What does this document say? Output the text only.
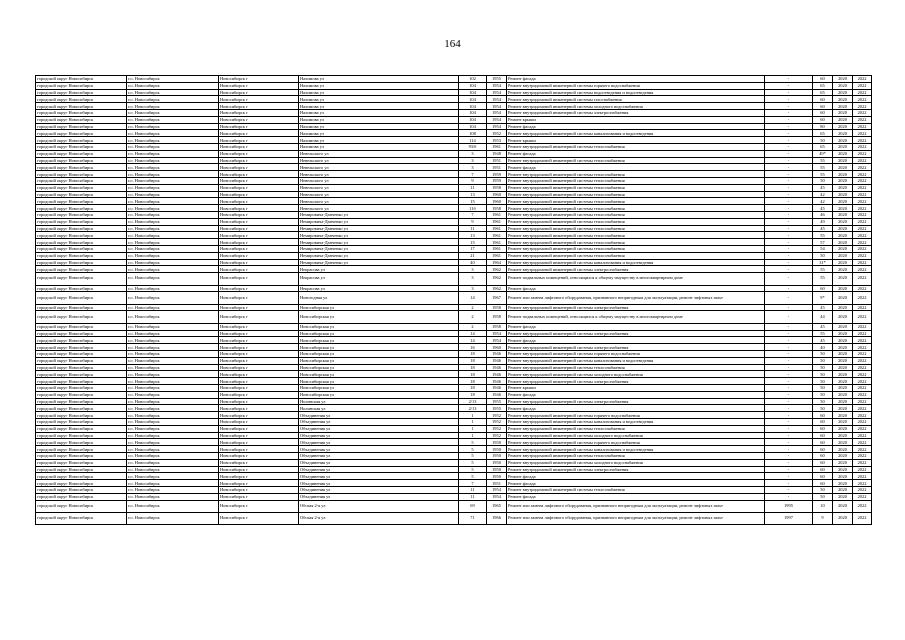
164
городской округ Новосибирск	г.о. Новосибирск	Новосибирск г	Нахимова ул	102	1955	Ремонт фасада	-	60	2020	2022
городской округ Новосибирск	г.о. Новосибирск	Новосибирск г	Нахимова ул	104	1954	Ремонт внутридомовой инженерной системы горячего водоснабжения	-	65	2020	2022
городской округ Новосибирск	г.о. Новосибирск	Новосибирск г	Нахимова ул	104	1954	Ремонт внутридомовой инженерной системы водоотведения и водоотведения	-	65	2020	2022
городской округ Новосибирск	г.о. Новосибирск	Новосибирск г	Нахимова ул	104	1954	Ремонт внутридомовой инженерной системы газоснабжения	-	60	2020	2022
городской округ Новосибирск	г.о. Новосибирск	Новосибирск г	Нахимова ул	104	1954	Ремонт внутридомовой инженерной системы холодного водоснабжения	-	60	2020	2022
городской округ Новосибирск	г.о. Новосибирск	Новосибирск г	Нахимова ул	104	1954	Ремонт внутридомовой инженерной системы электроснабжения	-	60	2020	2022
городской округ Новосибирск	г.о. Новосибирск	Новосибирск г	Нахимова ул	104	1954	Ремонт крыши	-	60	2020	2022
городской округ Новосибирск	г.о. Новосибирск	Новосибирск г	Нахимова ул	104	1954	Ремонт фасада	-	80	2020	2022
городской округ Новосибирск	г.о. Новосибирск	Новосибирск г	Нахимова ул	108	1952	Ремонт внутридомовой инженерной системы канализования и водоотведения	-	65	2020	2022
городской округ Новосибирск	г.о. Новосибирск	Новосибирск г	Нахимова ул	114	1953	Ремонт крыши	-	50	2020	2022
городской округ Новосибирск	г.о. Новосибирск	Новосибирск г	Нахимова ул	93/б	1961	Ремонт внутридомовой инженерной системы теплоснабжения	-	65	2020	2022
городской округ Новосибирск	г.о. Новосибирск	Новосибирск г	Невельского ул	3	1948	Ремонт фасада	-	49*	2020	2022
городской округ Новосибирск	г.о. Новосибирск	Новосибирск г	Невельского ул	3	1951	Ремонт внутридомовой инженерной системы теплоснабжения	-	55	2020	2022
городской округ Новосибирск	г.о. Новосибирск	Новосибирск г	Невельского ул	3	1951	Ремонт фасада	-	55	2020	2022
городской округ Новосибирск	г.о. Новосибирск	Новосибирск г	Невельского ул	7	1959	Ремонт внутридомовой инженерной системы теплоснабжения	-	55	2020	2022
городской округ Новосибирск	г.о. Новосибирск	Новосибирск г	Невельского ул	9	1959	Ремонт внутридомовой инженерной системы теплоснабжения	-	50	2020	2022
городской округ Новосибирск	г.о. Новосибирск	Новосибирск г	Невельского ул	11	1958	Ремонт внутридомовой инженерной системы теплоснабжения	-	45	2020	2022
городской округ Новосибирск	г.о. Новосибирск	Новосибирск г	Невельского ул	13	1960	Ремонт внутридомовой инженерной системы теплоснабжения	-	42	2020	2022
городской округ Новосибирск	г.о. Новосибирск	Новосибирск г	Невельского ул	15	1960	Ремонт внутридомовой инженерной системы теплоснабжения	-	42	2020	2022
городской округ Новосибирск	г.о. Новосибирск	Новосибирск г	Невельского ул	11б	1958	Ремонт внутридомовой инженерной системы теплоснабжения	-	45	2020	2022
городской округ Новосибирск	г.о. Новосибирск	Новосибирск г	Немировича-Данченко ул	7	1961	Ремонт внутридомовой инженерной системы теплоснабжения	-	46	2020	2022
городской округ Новосибирск	г.о. Новосибирск	Новосибирск г	Немировича-Данченко ул	9	1961	Ремонт внутридомовой инженерной системы теплоснабжения	-	49	2020	2022
городской округ Новосибирск	г.о. Новосибирск	Новосибирск г	Немировича-Данченко ул	11	1961	Ремонт внутридомовой инженерной системы теплоснабжения	-	45	2020	2022
городской округ Новосибирск	г.о. Новосибирск	Новосибирск г	Немировича-Данченко ул	13	1961	Ремонт внутридомовой инженерной системы теплоснабжения	-	55	2020	2022
городской округ Новосибирск	г.о. Новосибирск	Новосибирск г	Немировича-Данченко ул	15	1961	Ремонт внутридомовой инженерной системы теплоснабжения	-	57	2020	2022
городской округ Новосибирск	г.о. Новосибирск	Новосибирск г	Немировича-Данченко ул	17	1961	Ремонт внутридомовой инженерной системы теплоснабжения	-	54	2020	2022
городской округ Новосибирск	г.о. Новосибирск	Новосибирск г	Немировича-Данченко ул	21	1961	Ремонт внутридомовой инженерной системы теплоснабжения	-	50	2020	2022
городской округ Новосибирск	г.о. Новосибирск	Новосибирск г	Немировича-Данченко ул	40	1964	Ремонт внутридомовой инженерной системы канализования и водоотведения	-	31*	2020	2022
городской округ Новосибирск	г.о. Новосибирск	Новосибирск г	Некрасова ул	3	1962	Ремонт внутридомовой инженерной системы электроснабжения	-	55	2020	2022
городской округ Новосибирск	г.о. Новосибирск	Новосибирск г	Некрасова ул	3	1962	Ремонт подвальных помещений, относящихся к общему имуществу в многоквартирном доме	-	55	2020	2022
городской округ Новосибирск	г.о. Новосибирск	Новосибирск г	Некрасова ул	3	1962	Ремонт фасада	-	60	2020	2022
городской округ Новосибирск	г.о. Новосибирск	Новосибирск г	Новогодняя ул	14	1967	Ремонт или замена лифтового оборудования, признанного непригодным для эксплуатации, ремонт лифтовых шахт	-	9*	2020	2022
городской округ Новосибирск	г.о. Новосибирск	Новосибирск г	Новосибирская ул	2	1958	Ремонт внутридомовой инженерной системы электроснабжения	-	45	2020	2022
городской округ Новосибирск	г.о. Новосибирск	Новосибирск г	Новосибирская ул	2	1958	Ремонт подвальных помещений, относящихся к общему имуществу в многоквартирном доме	-	44	2020	2022
городской округ Новосибирск	г.о. Новосибирск	Новосибирск г	Новосибирская ул	2	1958	Ремонт фасада	-	45	2020	2022
городской округ Новосибирск	г.о. Новосибирск	Новосибирск г	Новосибирская ул	14	1954	Ремонт внутридомовой инженерной системы электроснабжения	-	55	2020	2022
городской округ Новосибирск	г.о. Новосибирск	Новосибирск г	Новосибирская ул	14	1954	Ремонт фасада	-	45	2020	2022
городской округ Новосибирск	г.о. Новосибирск	Новосибирск г	Новосибирская ул	16	1960	Ремонт внутридомовой инженерной системы электроснабжения	-	40	2020	2022
городской округ Новосибирск	г.о. Новосибирск	Новосибирск г	Новосибирская ул	18	1946	Ремонт внутридомовой инженерной системы горячего водоснабжения	-	50	2020	2022
городской округ Новосибирск	г.о. Новосибирск	Новосибирск г	Новосибирская ул	18	1946	Ремонт внутридомовой инженерной системы канализования и водоотведения	-	50	2020	2022
городской округ Новосибирск	г.о. Новосибирск	Новосибирск г	Новосибирская ул	18	1946	Ремонт внутридомовой инженерной системы теплоснабжения	-	50	2020	2022
городской округ Новосибирск	г.о. Новосибирск	Новосибирск г	Новосибирская ул	18	1946	Ремонт внутридомовой инженерной системы холодного водоснабжения	-	50	2020	2022
городской округ Новосибирск	г.о. Новосибирск	Новосибирск г	Новосибирская ул	18	1946	Ремонт внутридомовой инженерной системы электроснабжения	-	50	2020	2022
городской округ Новосибирск	г.о. Новосибирск	Новосибирск г	Новосибирская ул	18	1946	Ремонт крыши	-	50	2020	2022
городской округ Новосибирск	г.о. Новосибирск	Новосибирск г	Новосибирская ул	18	1946	Ремонт фасада	-	50	2020	2022
городской округ Новосибирск	г.о. Новосибирск	Новосибирск г	Нолинская ул	2/13	1955	Ремонт внутридомовой инженерной системы электроснабжения	-	50	2020	2022
городской округ Новосибирск	г.о. Новосибирск	Новосибирск г	Нолинская ул	2/13	1955	Ремонт фасада	-	50	2020	2022
городской округ Новосибирск	г.о. Новосибирск	Новосибирск г	Объединения ул	1	1952	Ремонт внутридомовой инженерной системы горячего водоснабжения	-	60	2020	2022
городской округ Новосибирск	г.о. Новосибирск	Новосибирск г	Объединения ул	1	1952	Ремонт внутридомовой инженерной системы канализования и водоотведения	-	60	2020	2022
городской округ Новосибирск	г.о. Новосибирск	Новосибирск г	Объединения ул	1	1952	Ремонт внутридомовой инженерной системы теплоснабжения	-	60	2020	2022
городской округ Новосибирск	г.о. Новосибирск	Новосибирск г	Объединения ул	1	1952	Ремонт внутридомовой инженерной системы холодного водоснабжения	-	60	2020	2022
городской округ Новосибирск	г.о. Новосибирск	Новосибирск г	Объединения ул	5	1950	Ремонт внутридомовой инженерной системы горячего водоснабжения	-	60	2020	2022
городской округ Новосибирск	г.о. Новосибирск	Новосибирск г	Объединения ул	5	1950	Ремонт внутридомовой инженерной системы канализования и водоотведения	-	60	2020	2022
городской округ Новосибирск	г.о. Новосибирск	Новосибирск г	Объединения ул	5	1950	Ремонт внутридомовой инженерной системы теплоснабжения	-	60	2020	2022
городской округ Новосибирск	г.о. Новосибирск	Новосибирск г	Объединения ул	5	1950	Ремонт внутридомовой инженерной системы холодного водоснабжения	-	60	2020	2022
городской округ Новосибирск	г.о. Новосибирск	Новосибирск г	Объединения ул	5	1950	Ремонт внутридомовой инженерной системы электроснабжения	-	60	2020	2022
городской округ Новосибирск	г.о. Новосибирск	Новосибирск г	Объединения ул	5	1950	Ремонт фасада	-	60	2020	2022
городской округ Новосибирск	г.о. Новосибирск	Новосибирск г	Объединения ул	7	1951	Ремонт фасада	-	60	2020	2022
городской округ Новосибирск	г.о. Новосибирск	Новосибирск г	Объединения ул	11	1954	Ремонт внутридомовой инженерной системы теплоснабжения	-	50	2020	2022
городской округ Новосибирск	г.о. Новосибирск	Новосибирск г	Объединения ул	11	1954	Ремонт фасада	-	50	2020	2022
городской округ Новосибирск	г.о. Новосибирск	Новосибирск г	Обская 2-я ул	69	1965	Ремонт или замена лифтового оборудования, признанного непригодным для эксплуатации, ремонт лифтовых шахт	1995	10	2020	2022
городской округ Новосибирск	г.о. Новосибирск	Новосибирск г	Обская 2-я ул	71	1966	Ремонт или замена лифтового оборудования, признанного непригодным для эксплуатации, ремонт лифтовых шахт	1997	9	2020	2022
